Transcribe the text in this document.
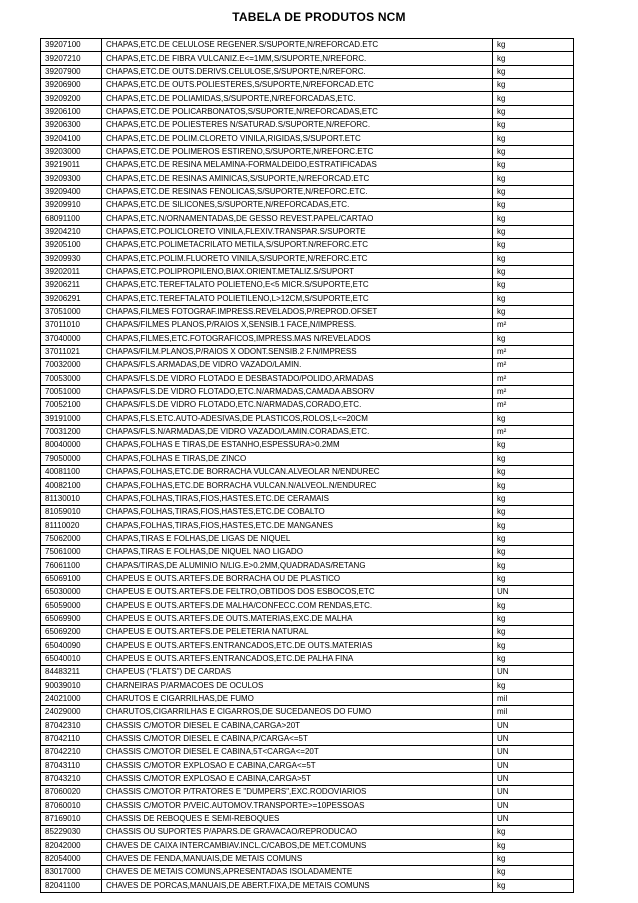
TABELA DE PRODUTOS NCM
39207100	CHAPAS,ETC.DE CELULOSE REGENER.S/SUPORTE,N/REFORCAD.ETC	kg
39207210	CHAPAS,ETC.DE FIBRA VULCANIZ.E<=1MM,S/SUPORTE,N/REFORC.	kg
39207900	CHAPAS,ETC.DE OUTS.DERIVS.CELULOSE,S/SUPORTE,N/REFORC.	kg
39206900	CHAPAS,ETC.DE OUTS.POLIESTERES,S/SUPORTE,N/REFORCAD.ETC	kg
39209200	CHAPAS,ETC.DE POLIAMIDAS,S/SUPORTE,N/REFORCADAS,ETC.	kg
39206100	CHAPAS,ETC.DE POLICARBONATOS,S/SUPORTE,N/REFORCADAS,ETC	kg
39206300	CHAPAS,ETC.DE POLIESTERES N/SATURAD.S/SUPORTE,N/REFORC.	kg
39204100	CHAPAS,ETC.DE POLIM.CLORETO VINILA,RIGIDAS,S/SUPORT.ETC	kg
39203000	CHAPAS,ETC.DE POLIMEROS ESTIRENO,S/SUPORTE,N/REFORC.ETC	kg
39219011	CHAPAS,ETC.DE RESINA MELAMINA-FORMALDEIDO,ESTRATIFICADAS	kg
39209300	CHAPAS,ETC.DE RESINAS AMINICAS,S/SUPORTE,N/REFORCAD.ETC	kg
39209400	CHAPAS,ETC.DE RESINAS FENOLICAS,S/SUPORTE,N/REFORC.ETC.	kg
39209910	CHAPAS,ETC.DE SILICONES,S/SUPORTE,N/REFORCADAS,ETC.	kg
68091100	CHAPAS,ETC.N/ORNAMENTADAS,DE GESSO REVEST.PAPEL/CARTAO	kg
39204210	CHAPAS,ETC.POLICLORETO VINILA,FLEXIV.TRANSPAR.S/SUPORTE	kg
39205100	CHAPAS,ETC.POLIMETACRILATO METILA,S/SUPORT.N/REFORC.ETC	kg
39209930	CHAPAS,ETC.POLIM.FLUORETO VINILA,S/SUPORTE,N/REFORC.ETC	kg
39202011	CHAPAS,ETC.POLIPROPILENO,BIAX.ORIENT.METALIZ.S/SUPORT	kg
39206211	CHAPAS,ETC.TEREFTALATO POLIETENO,E<5 MICR.S/SUPORTE,ETC	kg
39206291	CHAPAS,ETC.TEREFTALATO POLIETILENO,L>12CM,S/SUPORTE,ETC	kg
37051000	CHAPAS,FILMES FOTOGRAF.IMPRESS.REVELADOS,P/REPROD.OFSET	kg
37011010	CHAPAS/FILMES PLANOS,P/RAIOS X,SENSIB.1 FACE,N/IMPRESS.	m²
37040000	CHAPAS,FILMES,ETC.FOTOGRAFICOS,IMPRESS.MAS N/REVELADOS	kg
37011021	CHAPAS/FILM.PLANOS,P/RAIOS X ODONT.SENSIB.2 F.N/IMPRESS	m²
70032000	CHAPAS/FLS.ARMADAS,DE VIDRO VAZADO/LAMIN.	m²
70053000	CHAPAS/FLS.DE VIDRO FLOTADO E DESBASTADO/POLIDO,ARMADAS	m²
70051000	CHAPAS/FLS.DE VIDRO FLOTADO,ETC.N/ARMADAS,CAMADA ABSORV	m²
70052100	CHAPAS/FLS.DE VIDRO FLOTADO,ETC.N/ARMADAS,CORADO,ETC.	m²
39191000	CHAPAS,FLS.ETC.AUTO-ADESIVAS,DE PLASTICOS,ROLOS,L<=20CM	kg
70031200	CHAPAS/FLS.N/ARMADAS,DE VIDRO VAZADO/LAMIN.CORADAS,ETC.	m²
80040000	CHAPAS,FOLHAS E TIRAS,DE ESTANHO,ESPESSURA>0.2MM	kg
79050000	CHAPAS,FOLHAS E TIRAS,DE ZINCO	kg
40081100	CHAPAS,FOLHAS,ETC.DE BORRACHA VULCAN.ALVEOLAR N/ENDUREC	kg
40082100	CHAPAS,FOLHAS,ETC.DE BORRACHA VULCAN.N/ALVEOL.N/ENDUREC	kg
81130010	CHAPAS,FOLHAS,TIRAS,FIOS,HASTES.ETC.DE CERAMAIS	kg
81059010	CHAPAS,FOLHAS,TIRAS,FIOS,HASTES,ETC.DE COBALTO	kg
81110020	CHAPAS,FOLHAS,TIRAS,FIOS,HASTES,ETC.DE MANGANES	kg
75062000	CHAPAS,TIRAS E FOLHAS,DE LIGAS DE NIQUEL	kg
75061000	CHAPAS,TIRAS E FOLHAS,DE NIQUEL NAO LIGADO	kg
76061100	CHAPAS/TIRAS,DE ALUMINIO N/LIG.E>0.2MM,QUADRADAS/RETANG	kg
65069100	CHAPEUS E OUTS.ARTEFS.DE BORRACHA OU DE PLASTICO	kg
65030000	CHAPEUS E OUTS.ARTEFS.DE FELTRO,OBTIDOS DOS ESBOCOS,ETC	UN
65059000	CHAPEUS E OUTS.ARTEFS.DE MALHA/CONFECC.COM RENDAS,ETC.	kg
65069900	CHAPEUS E OUTS.ARTEFS.DE OUTS.MATERIAS,EXC.DE MALHA	kg
65069200	CHAPEUS E OUTS.ARTEFS.DE PELETERIA NATURAL	kg
65040090	CHAPEUS E OUTS.ARTEFS.ENTRANCADOS,ETC.DE OUTS.MATERIAS	kg
65040010	CHAPEUS E OUTS.ARTEFS.ENTRANCADOS,ETC.DE PALHA FINA	kg
84483211	CHAPEUS ("FLATS") DE CARDAS	UN
90039010	CHARNEIRAS P/ARMACOES DE OCULOS	kg
24021000	CHARUTOS E CIGARRILHAS,DE FUMO	mil
24029000	CHARUTOS,CIGARRILHAS E CIGARROS,DE SUCEDANEOS DO FUMO	mil
87042310	CHASSIS C/MOTOR DIESEL E CABINA,CARGA>20T	UN
87042110	CHASSIS C/MOTOR DIESEL E CABINA,P/CARGA<=5T	UN
87042210	CHASSIS C/MOTOR DIESEL E CABINA,5T<CARGA<=20T	UN
87043110	CHASSIS C/MOTOR EXPLOSAO E CABINA,CARGA<=5T	UN
87043210	CHASSIS C/MOTOR EXPLOSAO E CABINA,CARGA>5T	UN
87060020	CHASSIS C/MOTOR P/TRATORES E "DUMPERS",EXC.RODOVIARIOS	UN
87060010	CHASSIS C/MOTOR P/VEIC.AUTOMOV.TRANSPORTE>=10PESSOAS	UN
87169010	CHASSIS DE REBOQUES E SEMI-REBOQUES	UN
85229030	CHASSIS OU SUPORTES P/APARS.DE GRAVACAO/REPRODUCAO	kg
82042000	CHAVES DE CAIXA INTERCAMBIAV.INCL.C/CABOS,DE MET.COMUNS	kg
82054000	CHAVES DE FENDA,MANUAIS,DE METAIS COMUNS	kg
83017000	CHAVES DE METAIS COMUNS,APRESENTADAS ISOLADAMENTE	kg
82041100	CHAVES DE PORCAS,MANUAIS,DE ABERT.FIXA,DE METAIS COMUNS	kg
